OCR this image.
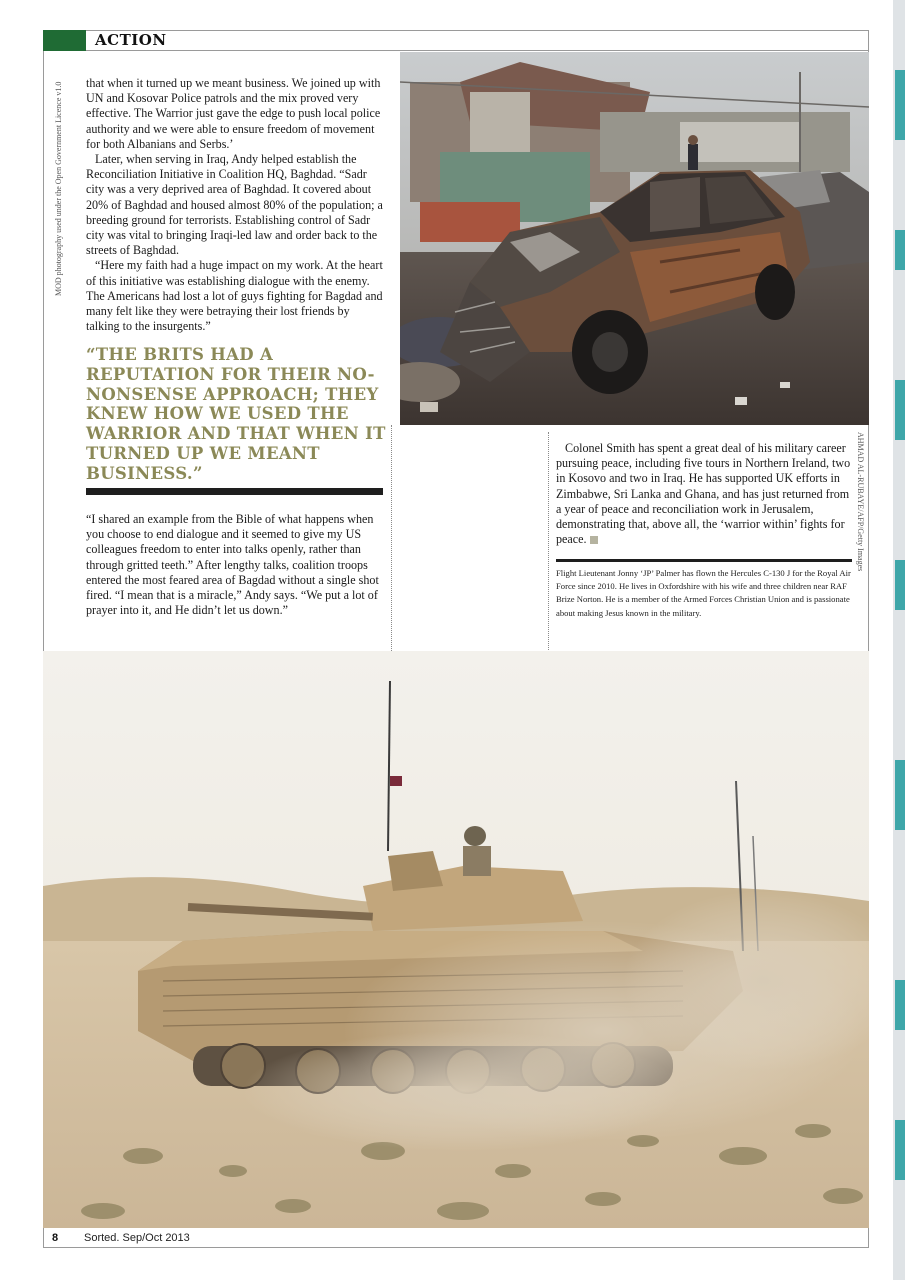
ACTION
MOD photography used under the Open Government Licence v1.0 that when it turned up we meant business. We joined up with UN and Kosovar Police patrols and the mix proved very effective. The Warrior just gave the edge to push local police authority and we were able to ensure freedom of movement for both Albanians and Serbs.’

Later, when serving in Iraq, Andy helped establish the Reconciliation Initiative in Coalition HQ, Baghdad. “Sadr city was a very deprived area of Baghdad. It covered about 20% of Baghdad and housed almost 80% of the population; a breeding ground for terrorists. Establishing control of Sadr city was vital to bringing Iraqi-led law and order back to the streets of Baghdad.

“Here my faith had a huge impact on my work. At the heart of this initiative was establishing dialogue with the enemy. The Americans had lost a lot of guys fighting for Bagdad and many felt like they were betraying their lost friends by talking to the insurgents.”

“THE BRITS HAD A REPUTATION FOR THEIR NO-NONSENSE APPROACH; THEY KNEW HOW WE USED THE WARRIOR AND THAT WHEN IT TURNED UP WE MEANT BUSINESS.”

“I shared an example from the Bible of what happens when you choose to end dialogue and it seemed to give my US colleagues freedom to enter into talks openly, rather than through gritted teeth.” After lengthy talks, coalition troops entered the most feared area of Bagdad without a single shot fired. “I mean that is a miracle,” Andy says. “We put a lot of prayer into it, and He didn’t let us down.”

AHMAD AL-RUBAYE/AFP/Getty Images

Colonel Smith has spent a great deal of his military career pursuing peace, including five tours in Northern Ireland, two in Kosovo and two in Iraq. He has supported UK efforts in Zimbabwe, Sri Lanka and Ghana, and has just returned from a year of peace and reconciliation work in Jerusalem, demonstrating that, above all, the ‘warrior within’ fights for peace.

Flight Lieutenant Jonny ‘JP’ Palmer has flown the Hercules C-130 J for the Royal Air Force since 2010. He lives in Oxfordshire with his wife and three children near RAF Brize Norton. He is a member of the Armed Forces Christian Union and is passionate about making Jesus known in the military.
8 Sorted. Sep/Oct 2013
